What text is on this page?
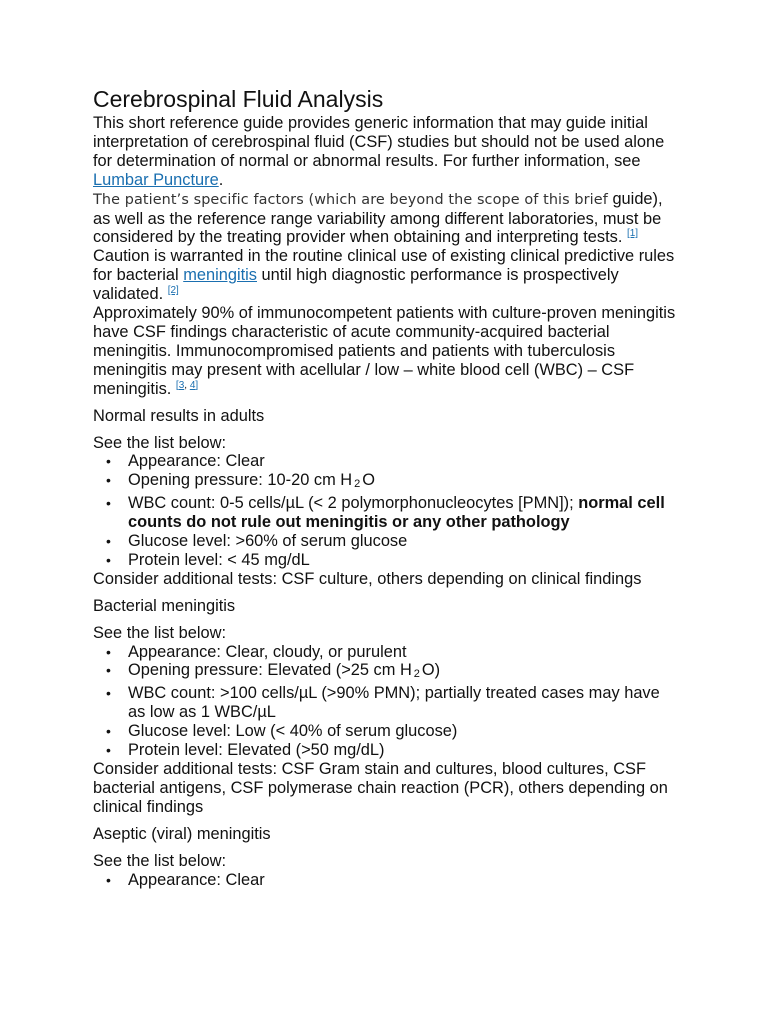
Cerebrospinal Fluid Analysis

This short reference guide provides generic information that may guide initial interpretation of cerebrospinal fluid (CSF) studies but should not be used alone for determination of normal or abnormal results. For further information, see Lumbar Puncture.

The patient’s specific factors (which are beyond the scope of this brief guide), as well as the reference range variability among different laboratories, must be considered by the treating provider when obtaining and interpreting tests. [1]

Caution is warranted in the routine clinical use of existing clinical predictive rules for bacterial meningitis until high diagnostic performance is prospectively validated. [2]

Approximately 90% of immunocompetent patients with culture-proven meningitis have CSF findings characteristic of acute community-acquired bacterial meningitis. Immunocompromised patients and patients with tuberculosis meningitis may present with acellular / low – white blood cell (WBC) – CSF meningitis. [3, 4]

Normal results in adults

See the list below:

• Appearance: Clear
• Opening pressure: 10-20 cm H $_2$ O
• WBC count: 0-5 cells/µL (< 2 polymorphonucleocytes [PMN]); normal cell counts do not rule out meningitis or any other pathology
• Glucose level: >60% of serum glucose
• Protein level: < 45 mg/dL

Consider additional tests: CSF culture, others depending on clinical findings

Bacterial meningitis

See the list below:

• Appearance: Clear, cloudy, or purulent
• Opening pressure: Elevated (>25 cm H $_2$ O)
• WBC count: >100 cells/µL (>90% PMN); partially treated cases may have as low as 1 WBC/µL
• Glucose level: Low (< 40% of serum glucose)
• Protein level: Elevated (>50 mg/dL)

Consider additional tests: CSF Gram stain and cultures, blood cultures, CSF bacterial antigens, CSF polymerase chain reaction (PCR), others depending on clinical findings

Aseptic (viral) meningitis

See the list below:

• Appearance: Clear
